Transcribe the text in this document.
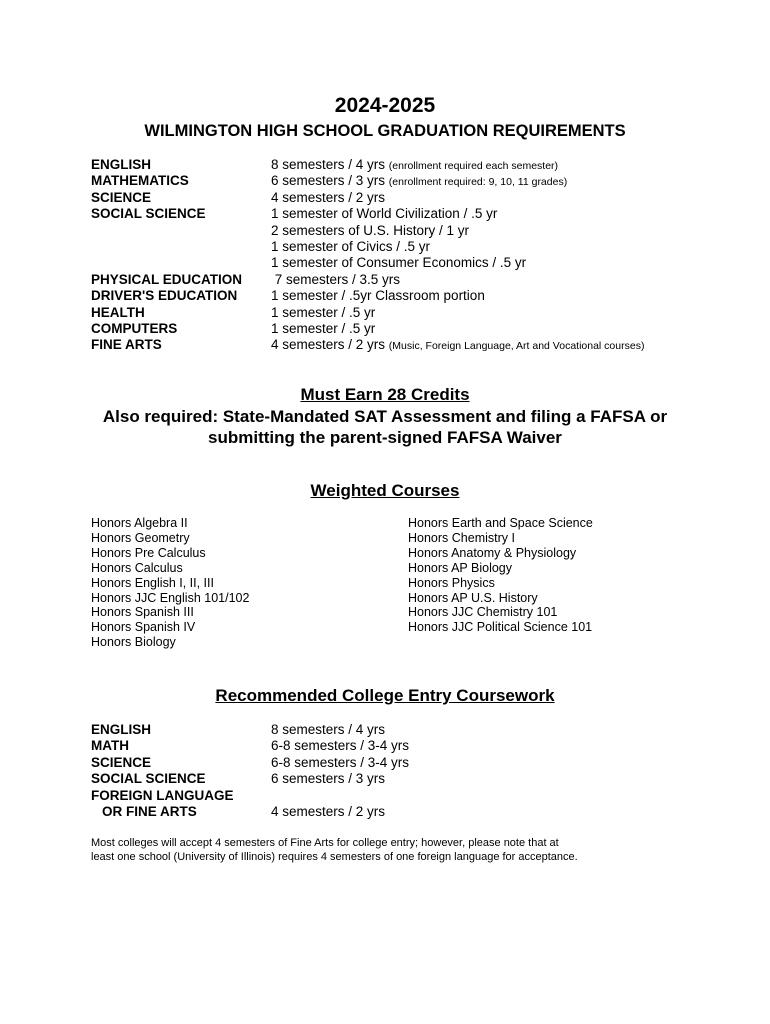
2024-2025
WILMINGTON HIGH SCHOOL GRADUATION REQUIREMENTS
ENGLISH	8 semesters / 4 yrs (enrollment required each semester)
MATHEMATICS	6 semesters / 3 yrs (enrollment required: 9, 10, 11 grades)
SCIENCE	4 semesters / 2 yrs
SOCIAL SCIENCE	1 semester of World Civilization / .5 yr
2 semesters of U.S. History / 1 yr
1 semester of Civics / .5 yr
1 semester of Consumer Economics / .5 yr
PHYSICAL EDUCATION	7 semesters / 3.5 yrs
DRIVER'S EDUCATION	1 semester / .5yr Classroom portion
HEALTH	1 semester / .5 yr
COMPUTERS	1 semester / .5 yr
FINE ARTS	4 semesters / 2 yrs (Music, Foreign Language, Art and Vocational courses)
Must Earn 28 Credits
Also required: State-Mandated SAT Assessment and filing a FAFSA or
submitting the parent-signed FAFSA Waiver
Weighted Courses
Honors Algebra II
Honors Geometry
Honors Pre Calculus
Honors Calculus
Honors English I, II, III
Honors JJC English 101/102
Honors Spanish III
Honors Spanish IV
Honors Biology
Honors Earth and Space Science
Honors Chemistry I
Honors Anatomy & Physiology
Honors AP Biology
Honors Physics
Honors AP U.S. History
Honors JJC Chemistry 101
Honors JJC Political Science 101
Recommended College Entry Coursework
ENGLISH	8 semesters / 4 yrs
MATH	6-8 semesters / 3-4 yrs
SCIENCE	6-8 semesters / 3-4 yrs
SOCIAL SCIENCE	6 semesters / 3 yrs
FOREIGN LANGUAGE
OR FINE ARTS	4 semesters / 2 yrs
Most colleges will accept 4 semesters of Fine Arts for college entry; however, please note that at least one school (University of Illinois) requires 4 semesters of one foreign language for acceptance.
